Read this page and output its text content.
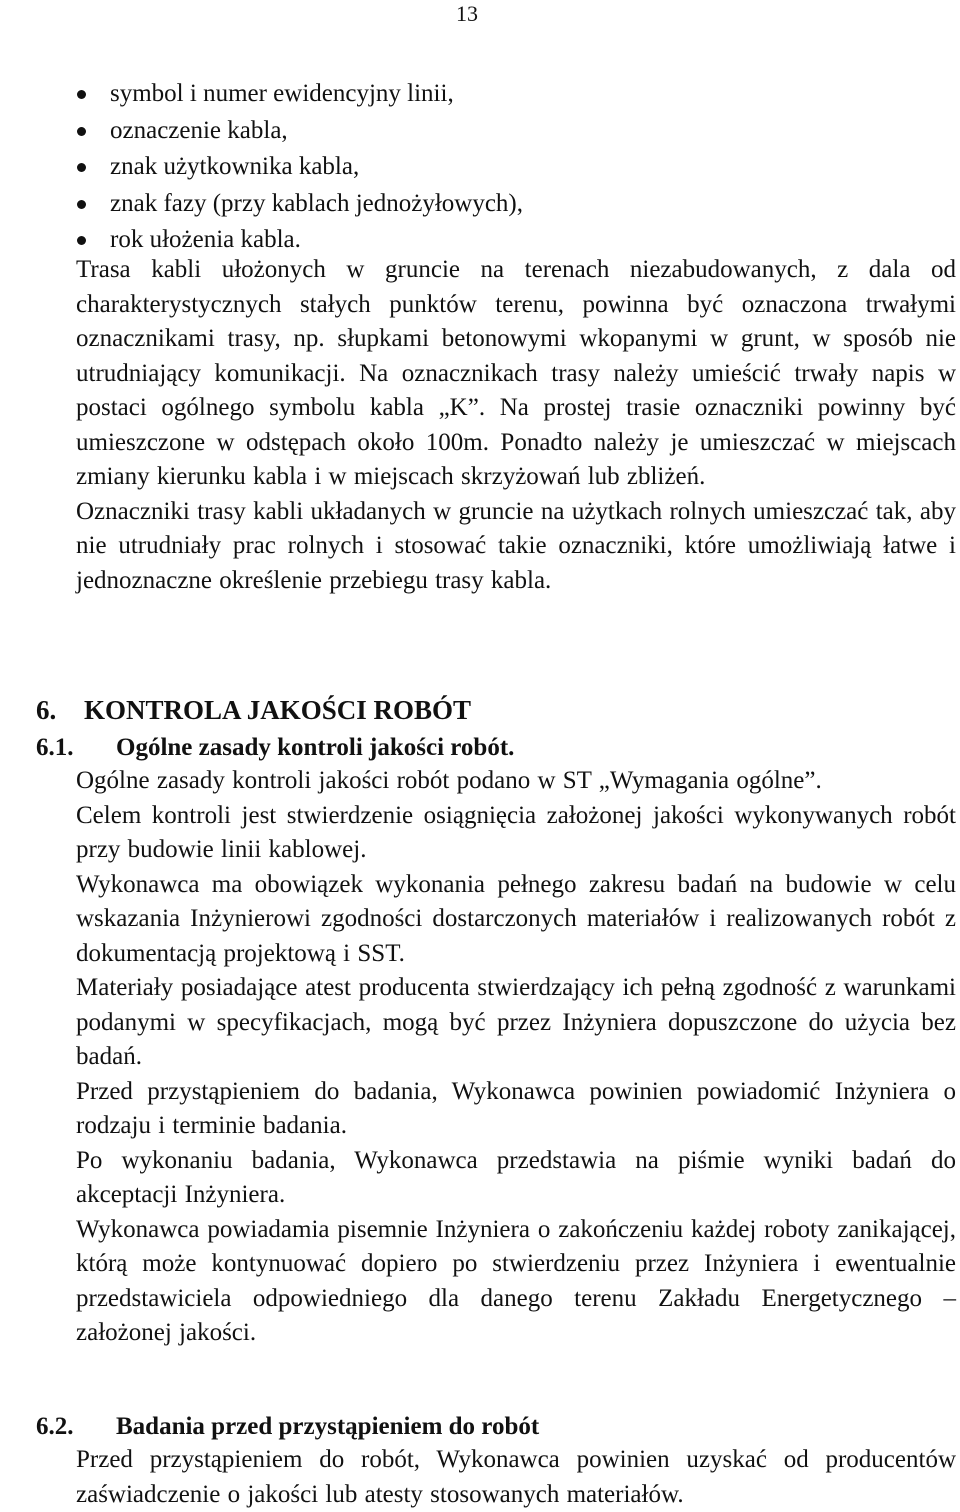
13
symbol i numer ewidencyjny linii,
oznaczenie kabla,
znak użytkownika kabla,
znak fazy (przy kablach jednożyłowych),
rok ułożenia kabla.

Trasa kabli ułożonych w gruncie na terenach niezabudowanych, z dala od charakterystycznych stałych punktów terenu, powinna być oznaczona trwałymi oznacznikami trasy, np. słupkami betonowymi wkopanymi w grunt, w sposób nie utrudniający komunikacji. Na oznacznikach trasy należy umieścić trwały napis w postaci ogólnego symbolu kabla „K”. Na prostej trasie oznaczniki powinny być umieszczone w odstępach około 100m. Ponadto należy je umieszczać w miejscach zmiany kierunku kabla i w miejscach skrzyżowań lub zbliżeń.

Oznaczniki trasy kabli układanych w gruncie na użytkach rolnych umieszczać tak, aby nie utrudniały prac rolnych i stosować takie oznaczniki, które umożliwiają łatwe i jednoznaczne określenie przebiegu trasy kabla.

6. KONTROLA JAKOŚCI ROBÓT
6.1. Ogólne zasady kontroli jakości robót.

Ogólne zasady kontroli jakości robót podano w ST „Wymagania ogólne”.

Celem kontroli jest stwierdzenie osiągnięcia założonej jakości wykonywanych robót przy budowie linii kablowej.

Wykonawca ma obowiązek wykonania pełnego zakresu badań na budowie w celu wskazania Inżynierowi zgodności dostarczonych materiałów i realizowanych robót z dokumentacją projektową i SST.

Materiały posiadające atest producenta stwierdzający ich pełną zgodność z warunkami podanymi w specyfikacjach, mogą być przez Inżyniera dopuszczone do użycia bez badań.

Przed przystąpieniem do badania, Wykonawca powinien powiadomić Inżyniera o rodzaju i terminie badania.

Po wykonaniu badania, Wykonawca przedstawia na piśmie wyniki badań do akceptacji Inżyniera.

Wykonawca powiadamia pisemnie Inżyniera o zakończeniu każdej roboty zanikającej, którą może kontynuować dopiero po stwierdzeniu przez Inżyniera i ewentualnie przedstawiciela odpowiedniego dla danego terenu Zakładu Energetycznego – założonej jakości.

6.2. Badania przed przystąpieniem do robót

Przed przystąpieniem do robót, Wykonawca powinien uzyskać od producentów zaświadczenie o jakości lub atesty stosowanych materiałów.
